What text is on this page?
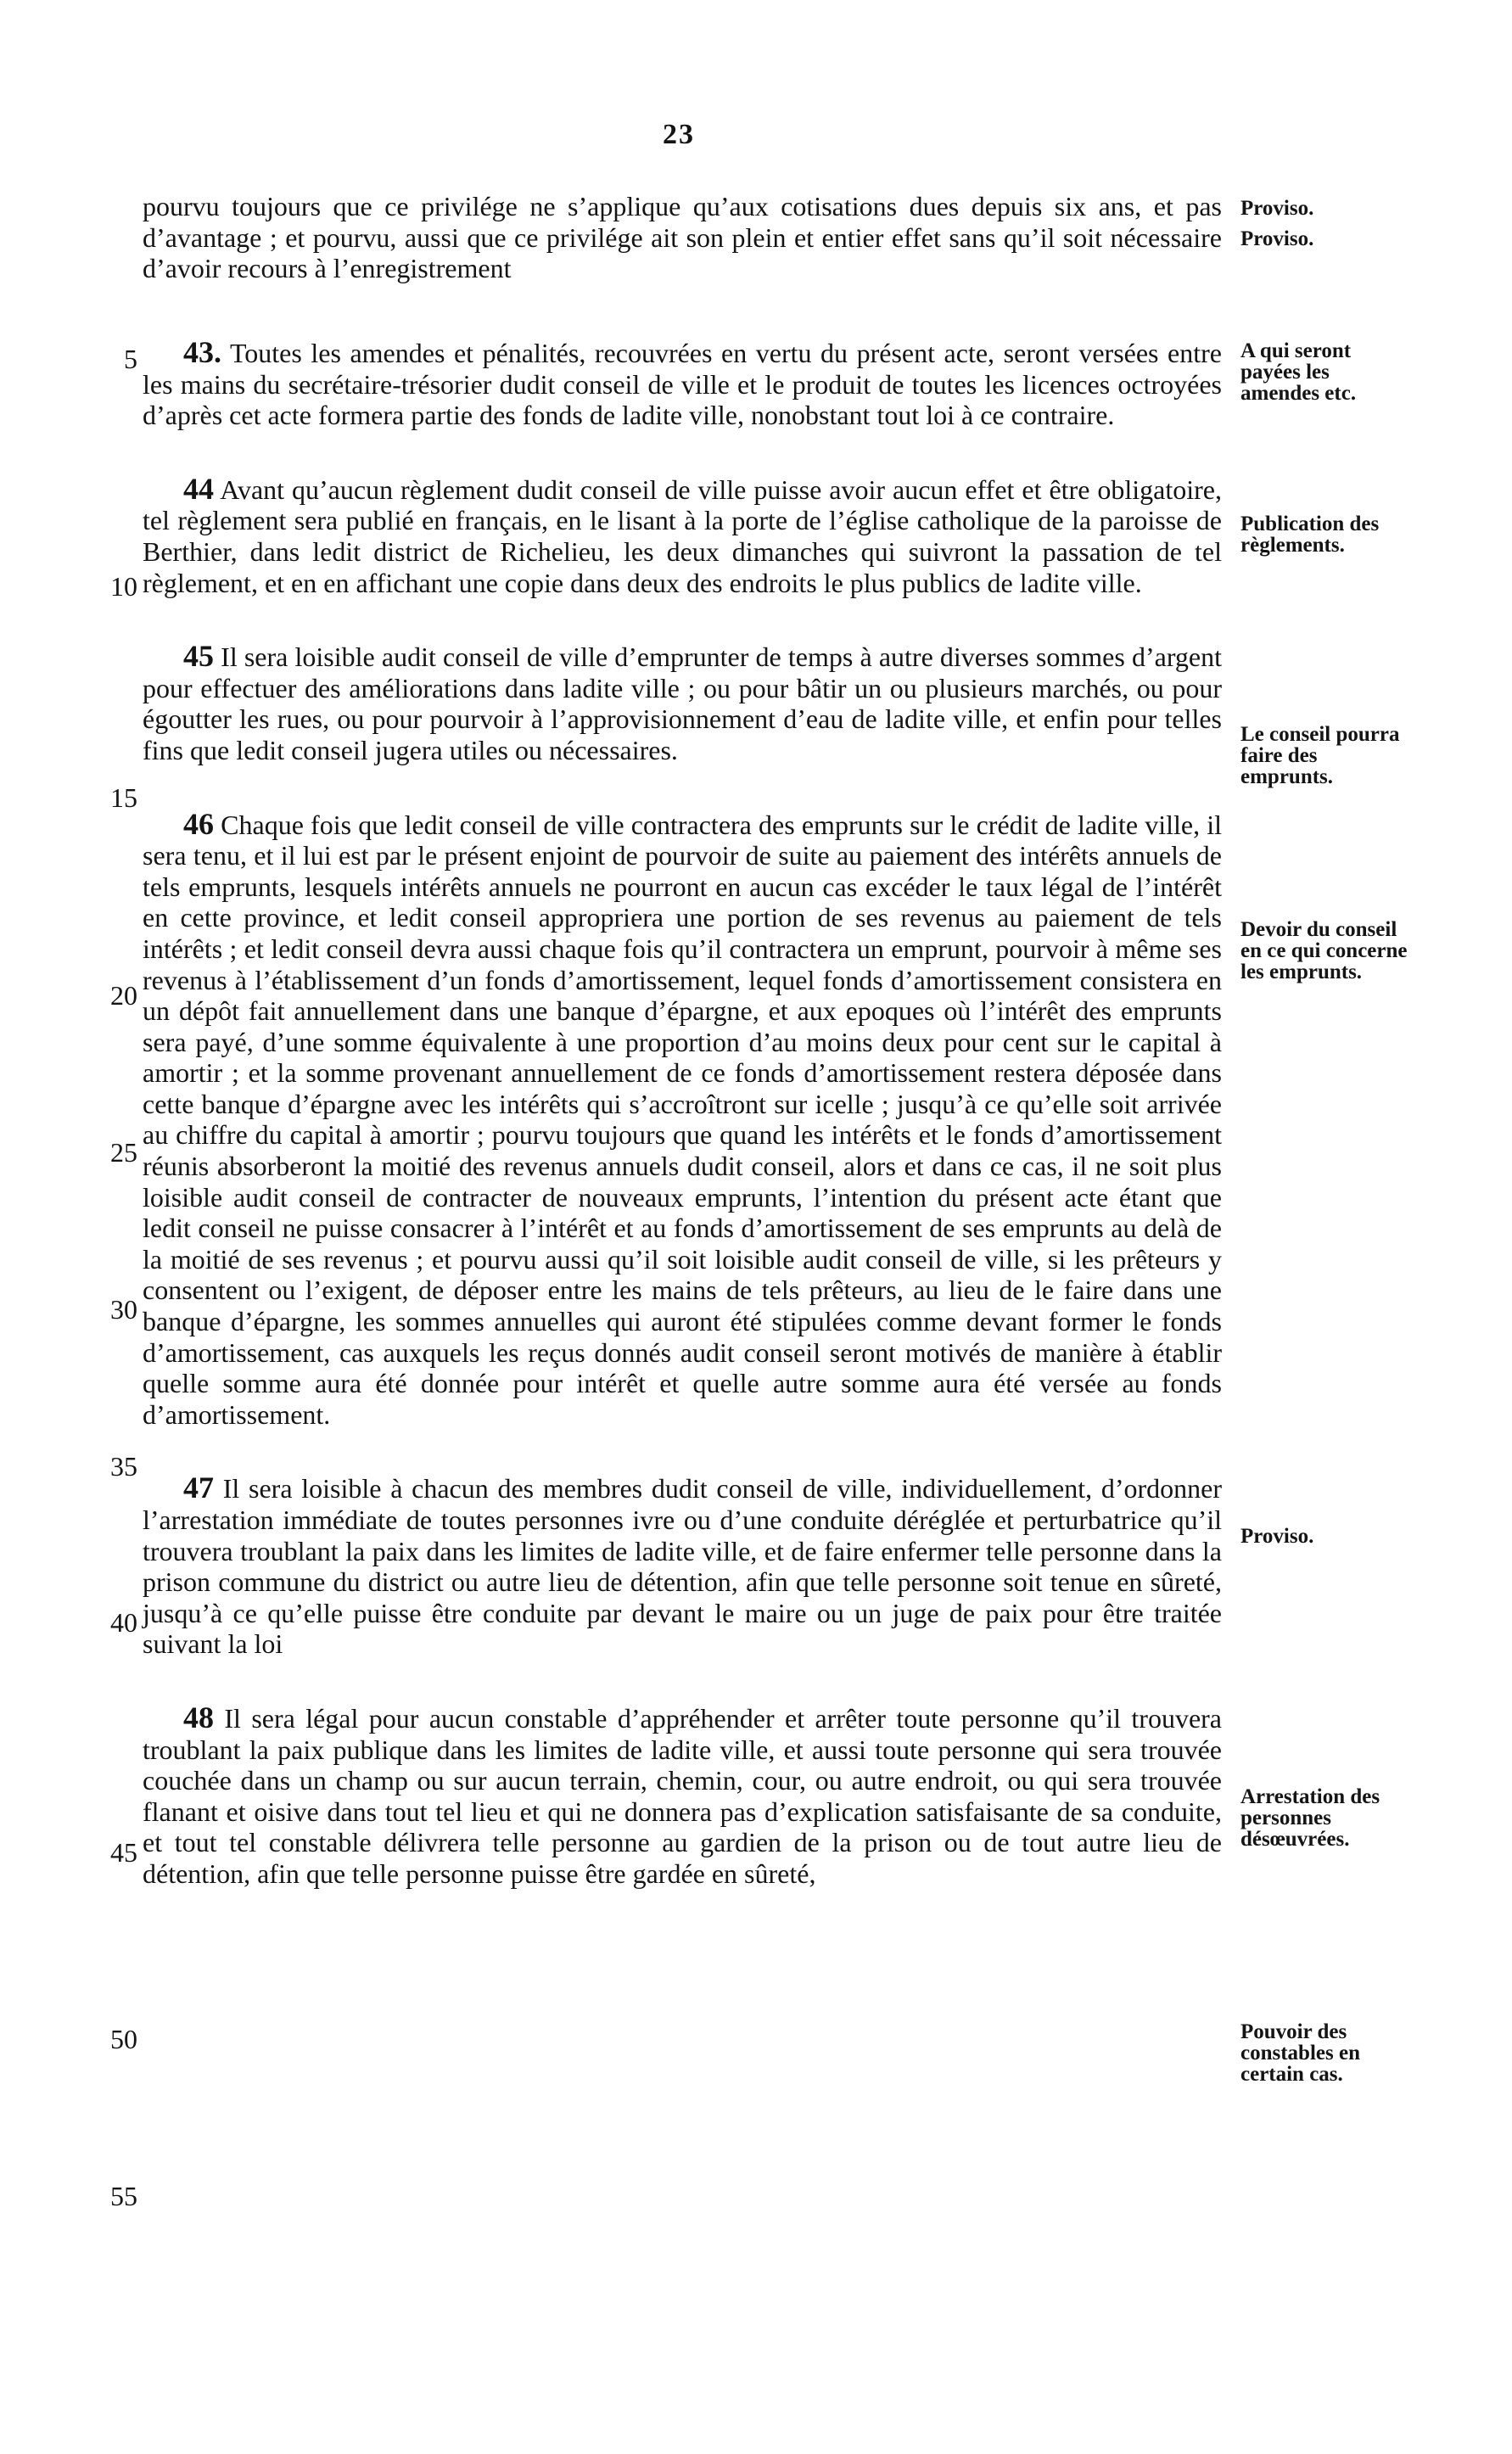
23
pourvu toujours que ce privilége ne s’applique qu’aux cotisations dues depuis six ans, et pas d’avantage ; et pourvu, aussi que ce privilége ait son plein et entier effet sans qu’il soit nécessaire d’avoir recours à l’enregistrement
43. Toutes les amendes et pénalités, recouvrées en vertu du présent acte, seront versées entre les mains du secrétaire-trésorier dudit conseil de ville et le produit de toutes les licences octroyées d’après cet acte formera partie des fonds de ladite ville, nonobstant tout loi à ce contraire.
44 Avant qu’aucun règlement dudit conseil de ville puisse avoir aucun effet et être obligatoire, tel règlement sera publié en français, en le lisant à la porte de l’église catholique de la paroisse de Berthier, dans ledit district de Richelieu, les deux dimanches qui suivront la passation de tel règlement, et en en affichant une copie dans deux des endroits le plus publics de ladite ville.
45 Il sera loisible audit conseil de ville d’emprunter de temps à autre diverses sommes d’argent pour effectuer des améliorations dans ladite ville ; ou pour bâtir un ou plusieurs marchés, ou pour égoutter les rues, ou pour pourvoir à l’approvisionnement d’eau de ladite ville, et enfin pour telles fins que ledit conseil jugera utiles ou nécessaires.
46 Chaque fois que ledit conseil de ville contractera des emprunts sur le crédit de ladite ville, il sera tenu, et il lui est par le présent enjoint de pourvoir de suite au paiement des intérêts annuels de tels emprunts, lesquels intérêts annuels ne pourront en aucun cas excéder le taux légal de l’intérêt en cette province, et ledit conseil appropriera une portion de ses revenus au paiement de tels intérêts ; et ledit conseil devra aussi chaque fois qu’il contractera un emprunt, pourvoir à même ses revenus à l’établissement d’un fonds d’amortissement, lequel fonds d’amortissement consistera en un dépôt fait annuellement dans une banque d’épargne, et aux epoques où l’intérêt des emprunts sera payé, d’une somme équivalente à une proportion d’au moins deux pour cent sur le capital à amortir ; et la somme provenant annuellement de ce fonds d’amortissement restera déposée dans cette banque d’épargne avec les intérêts qui s’accroîtront sur icelle ; jusqu’à ce qu’elle soit arrivée au chiffre du capital à amortir ; pourvu toujours que quand les intérêts et le fonds d’amortissement réunis absorberont la moitié des revenus annuels dudit conseil, alors et dans ce cas, il ne soit plus loisible audit conseil de contracter de nouveaux emprunts, l’intention du présent acte étant que ledit conseil ne puisse consacrer à l’intérêt et au fonds d’amortissement de ses emprunts au delà de la moitié de ses revenus ; et pourvu aussi qu’il soit loisible audit conseil de ville, si les prêteurs y consentent ou l’exigent, de déposer entre les mains de tels prêteurs, au lieu de le faire dans une banque d’épargne, les sommes annuelles qui auront été stipulées comme devant former le fonds d’amortissement, cas auxquels les reçus donnés audit conseil seront motivés de manière à établir quelle somme aura été donnée pour intérêt et quelle autre somme aura été versée au fonds d’amortissement.
47 Il sera loisible à chacun des membres dudit conseil de ville, individuellement, d’ordonner l’arrestation immédiate de toutes personnes ivre ou d’une conduite déréglée et perturbatrice qu’il trouvera troublant la paix dans les limites de ladite ville, et de faire enfermer telle personne dans la prison commune du district ou autre lieu de détention, afin que telle personne soit tenue en sûreté, jusqu’à ce qu’elle puisse être conduite par devant le maire ou un juge de paix pour être traitée suivant la loi
48 Il sera légal pour aucun constable d’appréhender et arrêter toute personne qu’il trouvera troublant la paix publique dans les limites de ladite ville, et aussi toute personne qui sera trouvée couchée dans un champ ou sur aucun terrain, chemin, cour, ou autre endroit, ou qui sera trouvée flanant et oisive dans tout tel lieu et qui ne donnera pas d’explication satisfaisante de sa conduite, et tout tel constable délivrera telle personne au gardien de la prison ou de tout autre lieu de détention, afin que telle personne puisse être gardée en sûreté,
Proviso.
Proviso.
A qui seront payées les amendes etc.
Publication des règlements.
Le conseil pourra faire des emprunts.
Devoir du conseil en ce qui concerne les emprunts.
Proviso.
Arrestation des personnes désœuvrées.
Pouvoir des constables en certain cas.
5
10
15
20
25
30
35
40
45
50
55
